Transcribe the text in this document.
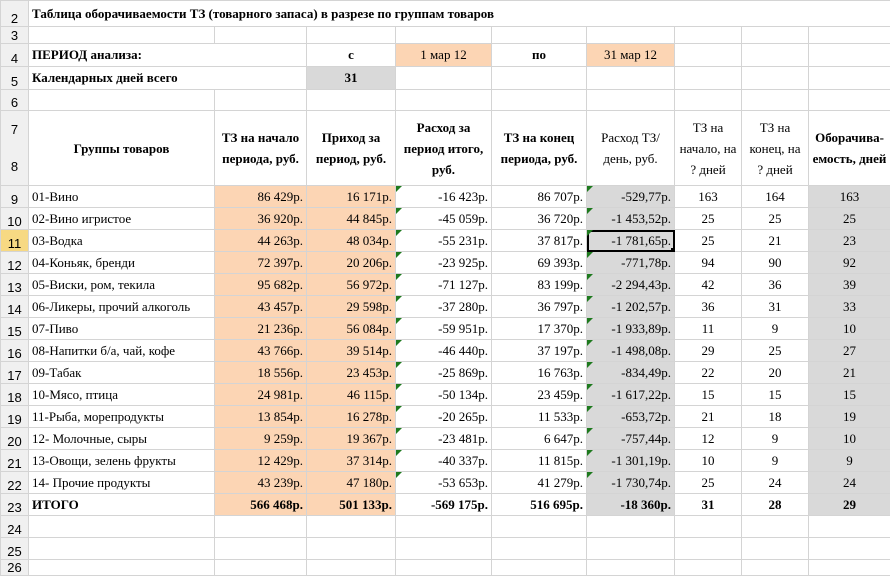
2	Таблица оборачиваемости ТЗ (товарного запаса) в разрезе по группам товаров								
3									
4	ПЕРИОД анализа:		с	1 мар 12	по	31 мар 12			
5	Календарных дней всего		31						
6									

7
8	Группы товаров	ТЗ на начало периода, руб.	Приход за период, руб.	Расход за период итого, руб.	ТЗ на конец периода, руб.	Расход ТЗ/ день, руб.	ТЗ на начало, на ? дней	ТЗ на конец, на ? дней	Оборачива-емость, дней
9	01-Вино	86 429р.	16 171р.	-16 423р.	86 707р.	-529,77р.	163	164	163
10	02-Вино игристое	36 920р.	44 845р.	-45 059р.	36 720р.	-1 453,52р.	25	25	25
11	03-Водка	44 263р.	48 034р.	-55 231р.	37 817р.	-1 781,65р.	25	21	23
12	04-Коньяк, бренди	72 397р.	20 206р.	-23 925р.	69 393р.	-771,78р.	94	90	92
13	05-Виски, ром, текила	95 682р.	56 972р.	-71 127р.	83 199р.	-2 294,43р.	42	36	39
14	06-Ликеры, прочий алкоголь	43 457р.	29 598р.	-37 280р.	36 797р.	-1 202,57р.	36	31	33
15	07-Пиво	21 236р.	56 084р.	-59 951р.	17 370р.	-1 933,89р.	11	9	10
16	08-Напитки б/а, чай, кофе	43 766р.	39 514р.	-46 440р.	37 197р.	-1 498,08р.	29	25	27
17	09-Табак	18 556р.	23 453р.	-25 869р.	16 763р.	-834,49р.	22	20	21
18	10-Мясо, птица	24 981р.	46 115р.	-50 134р.	23 459р.	-1 617,22р.	15	15	15
19	11-Рыба, морепродукты	13 854р.	16 278р.	-20 265р.	11 533р.	-653,72р.	21	18	19
20	12- Молочные, сыры	9 259р.	19 367р.	-23 481р.	6 647р.	-757,44р.	12	9	10
21	13-Овощи, зелень фрукты	12 429р.	37 314р.	-40 337р.	11 815р.	-1 301,19р.	10	9	9
22	14- Прочие продукты	43 239р.	47 180р.	-53 653р.	41 279р.	-1 730,74р.	25	24	24
23	ИТОГО	566 468р.	501 133р.	-569 175р.	516 695р.	-18 360р.	31	28	29
24									
25									
26									
